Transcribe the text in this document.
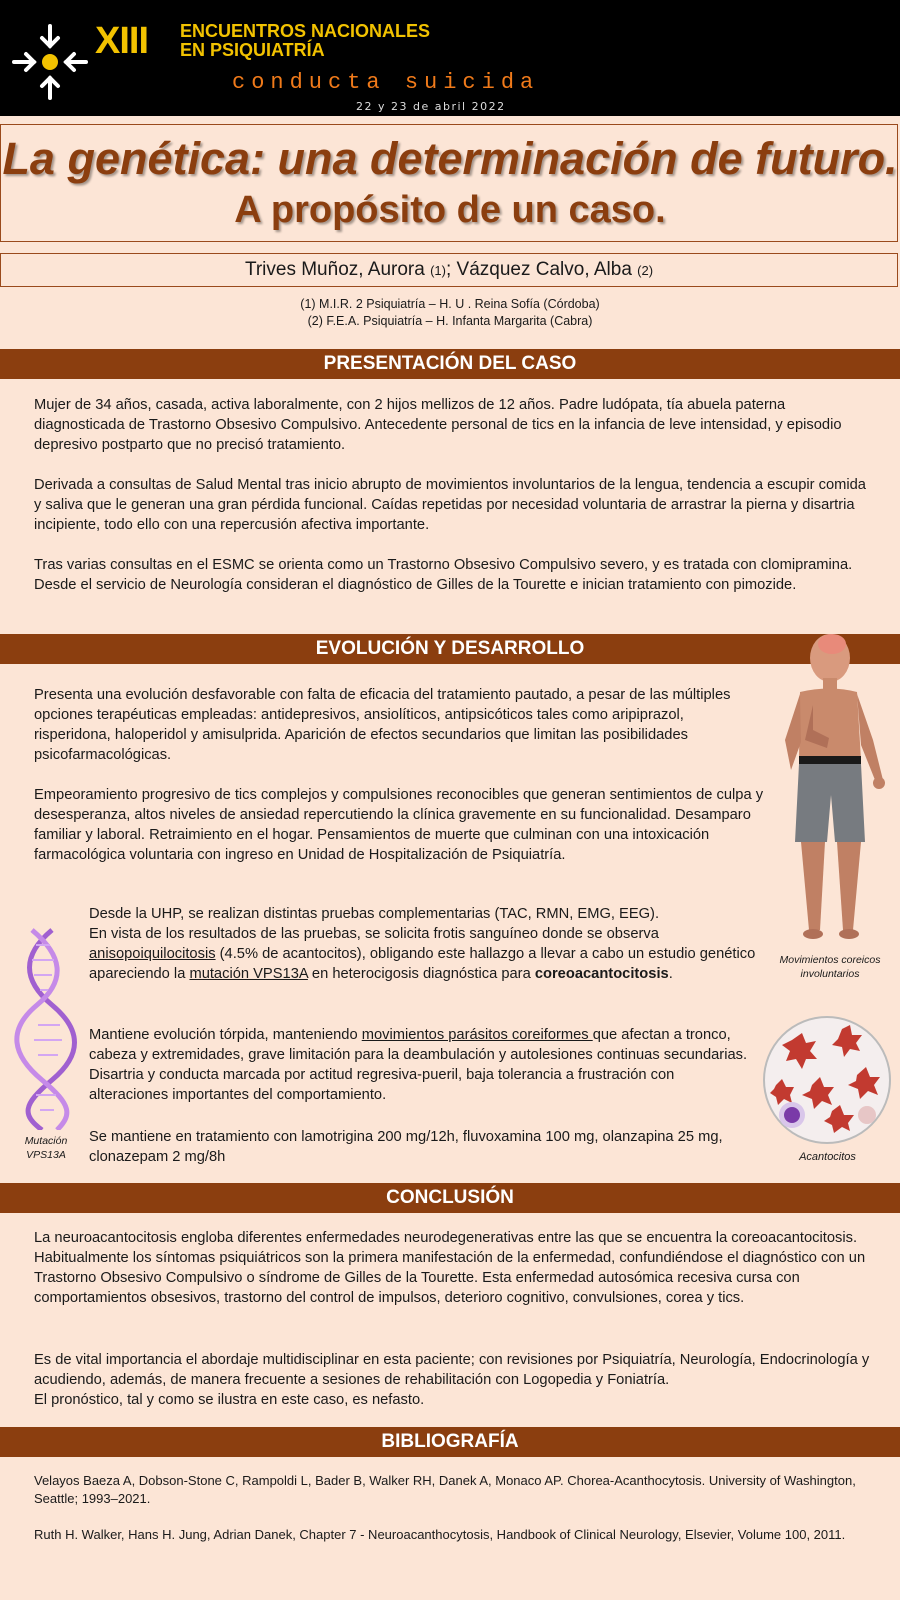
XIII ENCUENTROS NACIONALES
EN PSIQUIATRÍA
conducta suicida
22 y 23 de abril 2022
La genética: una determinación de futuro.
A propósito de un caso.
Trives Muñoz, Aurora (1); Vázquez Calvo, Alba (2)
(1) M.I.R. 2 Psiquiatría – H. U . Reina Sofía (Córdoba)
(2) F.E.A. Psiquiatría – H. Infanta Margarita (Cabra)
PRESENTACIÓN DEL CASO
Mujer de 34 años, casada, activa laboralmente, con 2 hijos mellizos de 12 años. Padre ludópata, tía abuela paterna diagnosticada de Trastorno Obsesivo Compulsivo. Antecedente personal de tics en la infancia de leve intensidad, y episodio depresivo postparto que no precisó tratamiento.
Derivada a consultas de Salud Mental tras inicio abrupto de movimientos involuntarios de la lengua, tendencia a escupir comida y saliva que le generan una gran pérdida funcional. Caídas repetidas por necesidad voluntaria de arrastrar la pierna y disartria incipiente, todo ello con una repercusión afectiva importante.
Tras varias consultas en el ESMC se orienta como un Trastorno Obsesivo Compulsivo severo, y es tratada con clomipramina. Desde el servicio de Neurología consideran el diagnóstico de Gilles de la Tourette e inician tratamiento con pimozide.
EVOLUCIÓN Y DESARROLLO
Presenta una evolución desfavorable con falta de eficacia del tratamiento pautado, a pesar de las múltiples opciones terapéuticas empleadas: antidepresivos, ansiolíticos, antipsicóticos tales como aripiprazol, risperidona, haloperidol y amisulprida. Aparición de efectos secundarios que limitan las posibilidades psicofarmacológicas.
Empeoramiento progresivo de tics complejos y compulsiones reconocibles que generan sentimientos de culpa y desesperanza, altos niveles de ansiedad repercutiendo la clínica gravemente en su funcionalidad. Desamparo familiar y laboral. Retraimiento en el hogar. Pensamientos de muerte que culminan con una intoxicación farmacológica voluntaria con ingreso en Unidad de Hospitalización de Psiquiatría.
Desde la UHP, se realizan distintas pruebas complementarias (TAC, RMN, EMG, EEG).
En vista de los resultados de las pruebas, se solicita frotis sanguíneo donde se observa anisopoiquilocitosis (4.5% de acantocitos), obligando este hallazgo a llevar a cabo un estudio genético apareciendo la mutación VPS13A en heterocigosis diagnóstica para coreoacantocitosis.
Mantiene evolución tórpida, manteniendo movimientos parásitos coreiformes que afectan a tronco, cabeza y extremidades, grave limitación para la deambulación y autolesiones continuas secundarias. Disartria y conducta marcada por actitud regresiva-pueril, baja tolerancia a frustración con alteraciones importantes del comportamiento.
Se mantiene en tratamiento con lamotrigina 200 mg/12h, fluvoxamina 100 mg, olanzapina 25 mg, clonazepam 2 mg/8h
Movimientos coreicos involuntarios
Mutación VPS13A	Acantocitos
CONCLUSIÓN
La neuroacantocitosis engloba diferentes enfermedades neurodegenerativas entre las que se encuentra la coreoacantocitosis. Habitualmente los síntomas psiquiátricos son la primera manifestación de la enfermedad, confundiéndose el diagnóstico con un Trastorno Obsesivo Compulsivo o síndrome de Gilles de la Tourette. Esta enfermedad autosómica recesiva cursa con comportamientos obsesivos, trastorno del control de impulsos, deterioro cognitivo, convulsiones, corea y tics.
Es de vital importancia el abordaje multidisciplinar en esta paciente; con revisiones por Psiquiatría, Neurología, Endocrinología y acudiendo, además, de manera frecuente a sesiones de rehabilitación con Logopedia y Foniatría.
El pronóstico, tal y como se ilustra en este caso, es nefasto.
BIBLIOGRAFÍA
Velayos Baeza A, Dobson-Stone C, Rampoldi L, Bader B, Walker RH, Danek A, Monaco AP. Chorea-Acanthocytosis. University of Washington, Seattle; 1993–2021.
Ruth H. Walker, Hans H. Jung, Adrian Danek, Chapter 7 - Neuroacanthocytosis, Handbook of Clinical Neurology, Elsevier, Volume 100, 2011.
